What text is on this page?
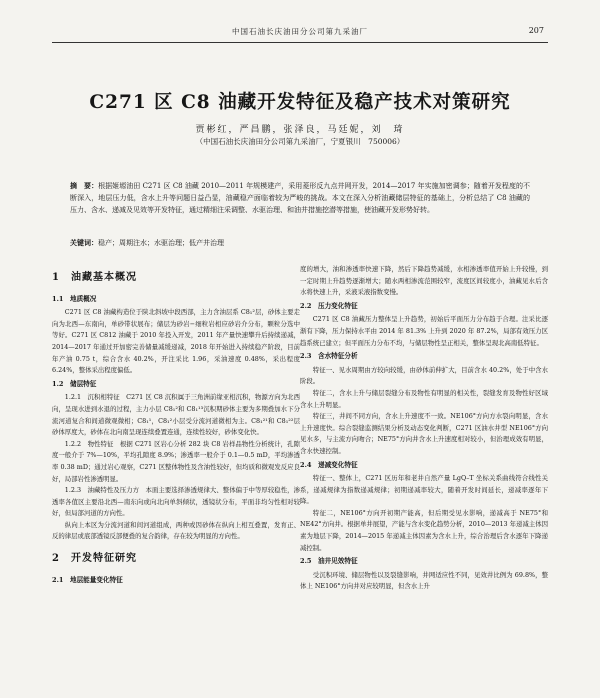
中国石油长庆油田分公司第九采油厂	207
C271 区 C8 油藏开发特征及稳产技术对策研究
贾彬红，严昌鹏，张泽良，马廷妮，刘　琦
（中国石油长庆油田分公司第九采油厂，宁夏银川　750006）
摘　要：根据姬塬油田 C271 区 C8 油藏 2010—2011 年规模建产，采用菱形反九点井网开发，2014—2017 年实施加密调参；随着开发程度的不断深入，地层压力低，含水上升等问题日益凸显，油藏稳产面临着较为严峻的挑战。本文在深入分析油藏储层特征的基础上，分析总结了 C8 油藏的压力、含水、递减及见效等开发特征，通过精细注采调整、水驱治理、和油井措施挖潜等措施，使油藏开发形势好转。
关键词：稳产；周期注水；水驱治理；低产井治理
1　油藏基本概况
1.1 地质概况

C271 区 C8 油藏构造位于陕北斜坡中段西部，主力含油层系 C8₁²层，砂体主要走向为北西—东南向，单砂带状展布；储层为砂岩−细粒岩相应砂岩介分布，颗粒分选中等好。C271 区 C812 油藏于 2010 年投入开发，2011 年产量快速攀升后持续递减，2014—2017 年通过开加密完善储量减缓递减，2018 年开始进入持续稳产阶段，目前年产油 0.75 t，综合含水 40.2%，开注采比 1.96，采油速度 0.48%，采出程度 6.24%，整体采出程度偏低。

1.2 储层特征

1.2.1　沉积相特征　C271 区 C8 沉积属于三角洲前缘亚相沉积，物源方向为北西向，呈现水进到水退的过程，主力小层 C8₁²和 C8₁¹³沉积期砂体主要为多期叠加水下分流河道复合和间道微观微相；C8₁¹，C8₁²小层受分流河道微相为主。C8₁²¹和 C8₁²²层砂体厚度大，砂体在北向南呈现连续叠置连通，连续性较好，砂体变化快。

1.2.2　物性特征　根据 C271 区岩心分析 282 块 C8 岩样品物性分析统计，孔隙度一般介于 7%—10%，平均孔隙度 8.9%；渗透率一般介于 0.1—0.5 mD，平均渗透率 0.38 mD；通过岩心观察，C271 区整体物性及含油性较好，但均质和微观发反应良好，局部岩性渗透明显。

1.2.3　油藏特性及压力方　本面主要选择渗透规律大、整体偏于中等厚较稳性，渗透率各值区主要沿北西—南东向或向北向单斜倾状，透镜状分布，平面非均匀性相对较好，但局部河道的方向性。

纵向上本区为分流河道和间河道组成，两种或因砂体在纵向上相互叠置，发育正、反的律层或底部透镜反部便叠的复合韵律，存在较为明显的方向性。

2　开发特征研究
2.1 地层能量变化特征

度的增大，油和渗透率快速下降，然后下降趋势减缓，水相渗透率值开始上升较慢，到一定时期上升趋势逐渐增大；随水两相渗流范围较窄，流度区间较度小，油藏见水后含水将快速上升，采液采液指数变慢。

2.2 压力变化特征

C271 区 C8 油藏压力整体呈上升趋势，初始后平面压力分布趋于合理。注采比逐渐有下降，压力保持水平由 2014 年 81.3% 上升到 2020 年 87.2%，局部有效压力区趋系统已建立；但平面压力分布不均，与储层物性呈正相关，整体呈现北高南低特征。

2.3 含水特征分析

特征一、见水周期由方较向较缓，由砂体前伸扩大，目前含水 40.2%，处于中含水阶段。

特征二，含水上升与储层裂缝分布及物性有明显的相关性，裂缝发育及物性好区域含水上升明显。

特征三，井间不同方向，含水上升速度不一致。NE106°方向方水裂向明显，含水上升速度快。综合裂缝监测结果分析及动态变化判断，C271 区油水井型 NE106°方向见水多，与主流方向吻合；NE75°方向井含水上升速度相对较小，但治理成效有明显，含水快速控制。

2.4 递减变化特征

特征一、整体上，C271 区历年和老井自然产量 LgQ–T 坐标关系曲线符合线性关系，递减规律为指数递减规律；初期递减率较大，随着开发时间延长，递减率逐年下降。

特征二，NE106°方向开初期产能高，但后期受见水影响，递减高于 NE75°和 NE42°方向井。根据单井展望，产能与含水变化趋势分析，2010—2013 年递减主体因素为地层下降，2014—2015 年递减主体因素为含水上升，综合治理后含水逐年下降递减控制。

2.5 油井见效特征

受沉积环境、储层物性以及裂缝影响，井网适应性不同，见效井比例为 69.8%，整体上 NE106°方向井对应较明显，但含水上升
